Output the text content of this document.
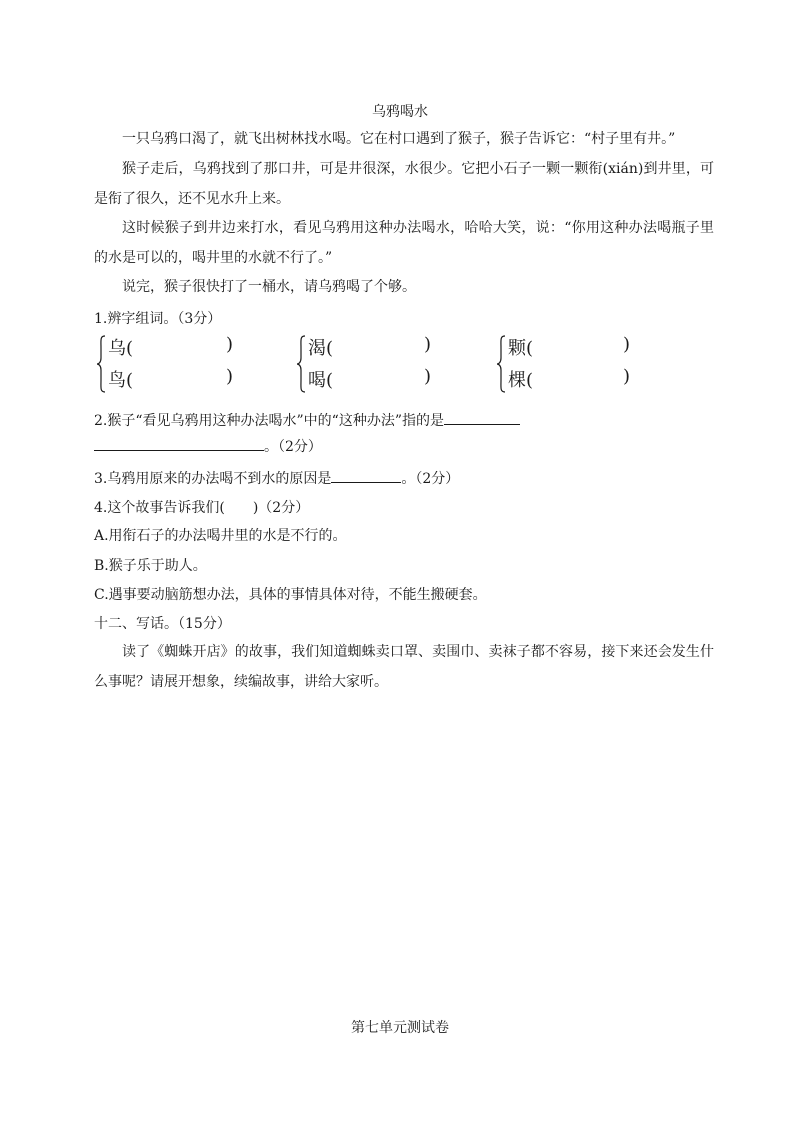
乌鸦喝水

一只乌鸦口渴了，就飞出树林找水喝。它在村口遇到了猴子，猴子告诉它：“村子里有井。”

猴子走后，乌鸦找到了那口井，可是井很深，水很少。它把小石子一颗一颗衔(xián)到井里，可是衔了很久，还不见水升上来。

这时候猴子到井边来打水，看见乌鸦用这种办法喝水，哈哈大笑，说：“你用这种办法喝瓶子里的水是可以的，喝井里的水就不行了。”

说完，猴子很快打了一桶水，请乌鸦喝了个够。

1.辨字组词。（3分）
乌(
鸟(
)
)
渴(
喝(
)
)
颗(
棵(
)
)
2.猴子“看见乌鸦用这种办法喝水”中的“这种办法”指的是
。（2分）
3.乌鸦用原来的办法喝不到水的原因是	。（2分）
4.这个故事告诉我们(　　)（2分）
A.用衔石子的办法喝井里的水是不行的。
B.猴子乐于助人。
C.遇事要动脑筋想办法，具体的事情具体对待，不能生搬硬套。
十二、写话。（15分）

读了《蜘蛛开店》的故事，我们知道蜘蛛卖口罩、卖围巾、卖袜子都不容易，接下来还会发生什么事呢？请展开想象，续编故事，讲给大家听。

第七单元测试卷
